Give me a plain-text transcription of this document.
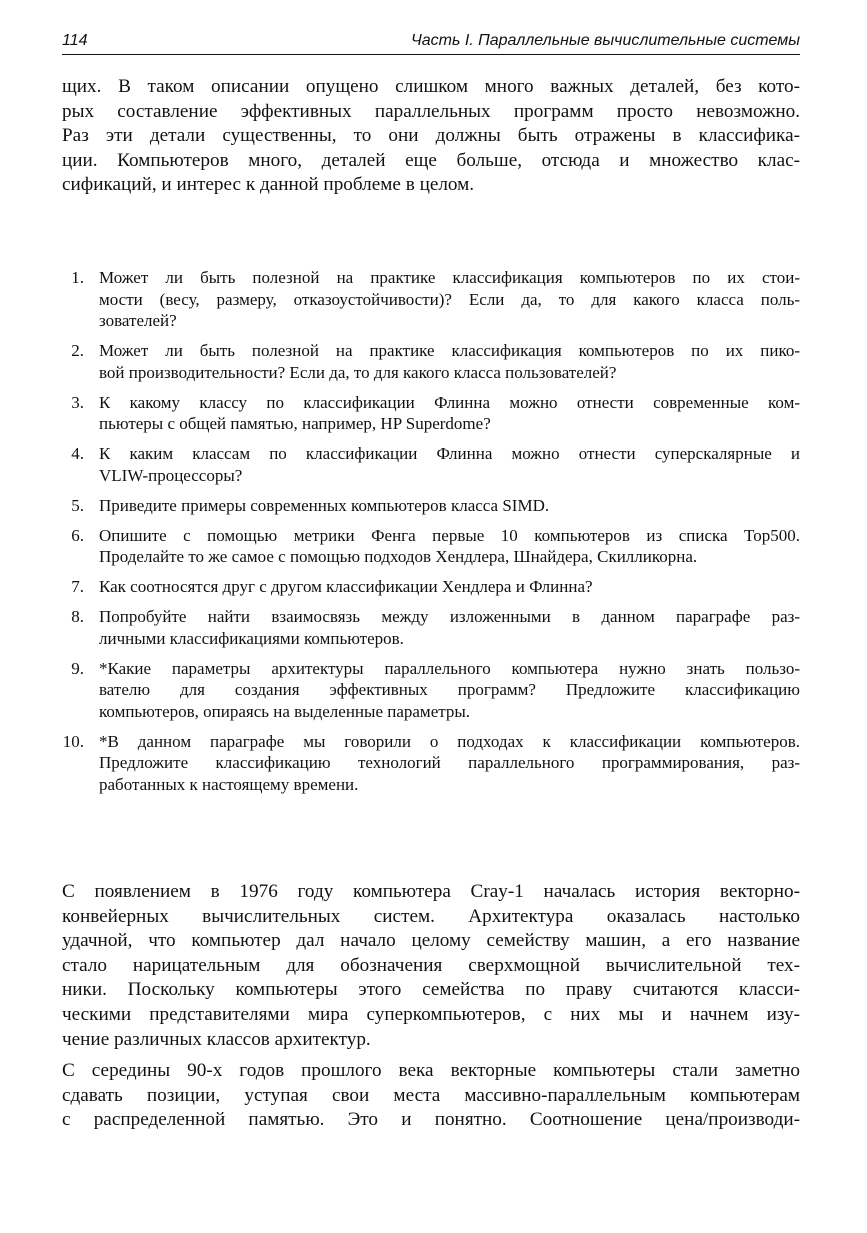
114	Часть I. Параллельные вычислительные системы

щих. В таком описании опущено слишком много важных деталей, без кото-
рых составление эффективных параллельных программ просто невозможно.
Раз эти детали существенны, то они должны быть отражены в классифика-
ции. Компьютеров много, деталей еще больше, отсюда и множество клас-
сификаций, и интерес к данной проблеме в целом.

1. Может ли быть полезной на практике классификация компьютеров по их стои-
мости (весу, размеру, отказоустойчивости)? Если да, то для какого класса поль-
зователей?
2. Может ли быть полезной на практике классификация компьютеров по их пико-
вой производительности? Если да, то для какого класса пользователей?
3. К какому классу по классификации Флинна можно отнести современные ком-
пьютеры с общей памятью, например, HP Superdome?
4. К каким классам по классификации Флинна можно отнести суперскалярные и
VLIW-процессоры?
5. Приведите примеры современных компьютеров класса SIMD.
6. Опишите с помощью метрики Фенга первые 10 компьютеров из списка Top500.
Проделайте то же самое с помощью подходов Хендлера, Шнайдера, Скилликорна.
7. Как соотносятся друг с другом классификации Хендлера и Флинна?
8. Попробуйте найти взаимосвязь между изложенными в данном параграфе раз-
личными классификациями компьютеров.
9. *Какие параметры архитектуры параллельного компьютера нужно знать пользо-
вателю для создания эффективных программ? Предложите классификацию
компьютеров, опираясь на выделенные параметры.
10. *В данном параграфе мы говорили о подходах к классификации компьютеров.
Предложите классификацию технологий параллельного программирования, раз-
работанных к настоящему времени.

С появлением в 1976 году компьютера Cray-1 началась история векторно-
конвейерных вычислительных систем. Архитектура оказалась настолько
удачной, что компьютер дал начало целому семейству машин, а его название
стало нарицательным для обозначения сверхмощной вычислительной тех-
ники. Поскольку компьютеры этого семейства по праву считаются класси-
ческими представителями мира суперкомпьютеров, с них мы и начнем изу-
чение различных классов архитектур.

С середины 90-х годов прошлого века векторные компьютеры стали заметно
сдавать позиции, уступая свои места массивно-параллельным компьютерам
с распределенной памятью. Это и понятно. Соотношение цена/производи-
